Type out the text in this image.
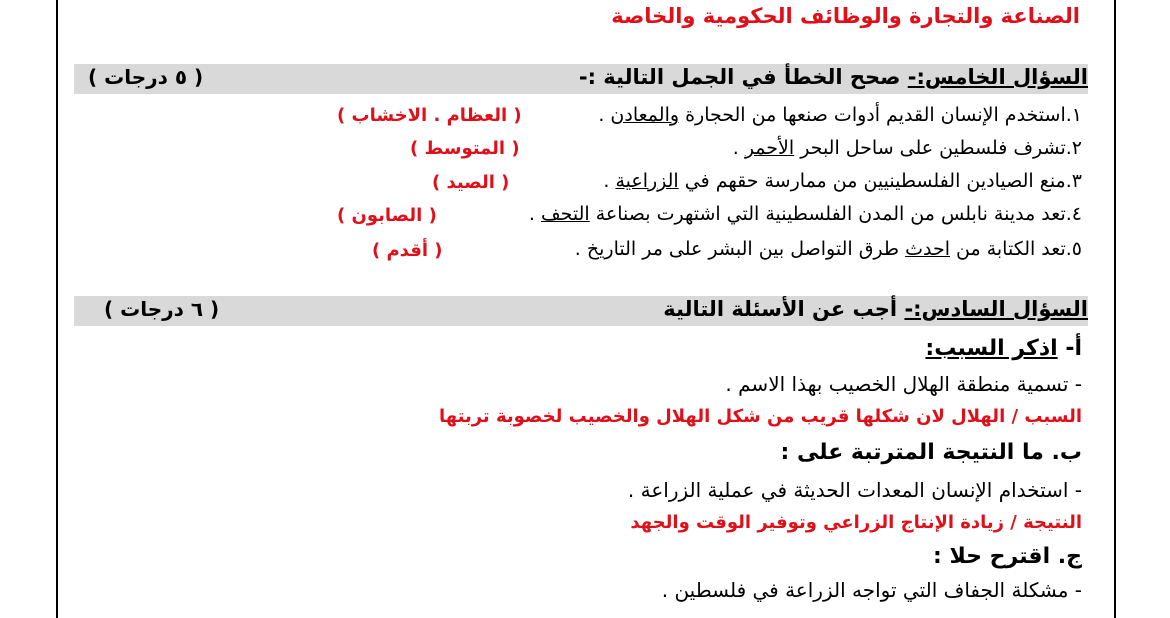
الصناعة والتجارة والوظائف الحكومية والخاصة
السؤال الخامس:- صحح الخطأ في الجمل التالية :-
( ٥ درجات )
١.استخدم الإنسان القديم أدوات صنعها من الحجارة والمعادن .
( العظام . الاخشاب )
٢.تشرف فلسطين على ساحل البحر الأحمر .
( المتوسط )
٣.منع الصيادين الفلسطينيين من ممارسة حقهم في الزراعية .
( الصيد )
٤.تعد مدينة نابلس من المدن الفلسطينية التي اشتهرت بصناعة التحف .
( الصابون )
٥.تعد الكتابة من احدث طرق التواصل بين البشر على مر التاريخ .
( أقدم )
السؤال السادس:- أجب عن الأسئلة التالية
( ٦ درجات )
أ- اذكر السبب:
- تسمية منطقة الهلال الخصيب بهذا الاسم .
السبب / الهلال لان شكلها قريب من شكل الهلال والخصيب لخصوبة تربتها
ب. ما النتيجة المترتبة على :
- استخدام الإنسان المعدات الحديثة في عملية الزراعة .
النتيجة / زيادة الإنتاج الزراعي وتوفير الوقت والجهد
ج. اقترح حلا :
- مشكلة الجفاف التي تواجه الزراعة في فلسطين .
